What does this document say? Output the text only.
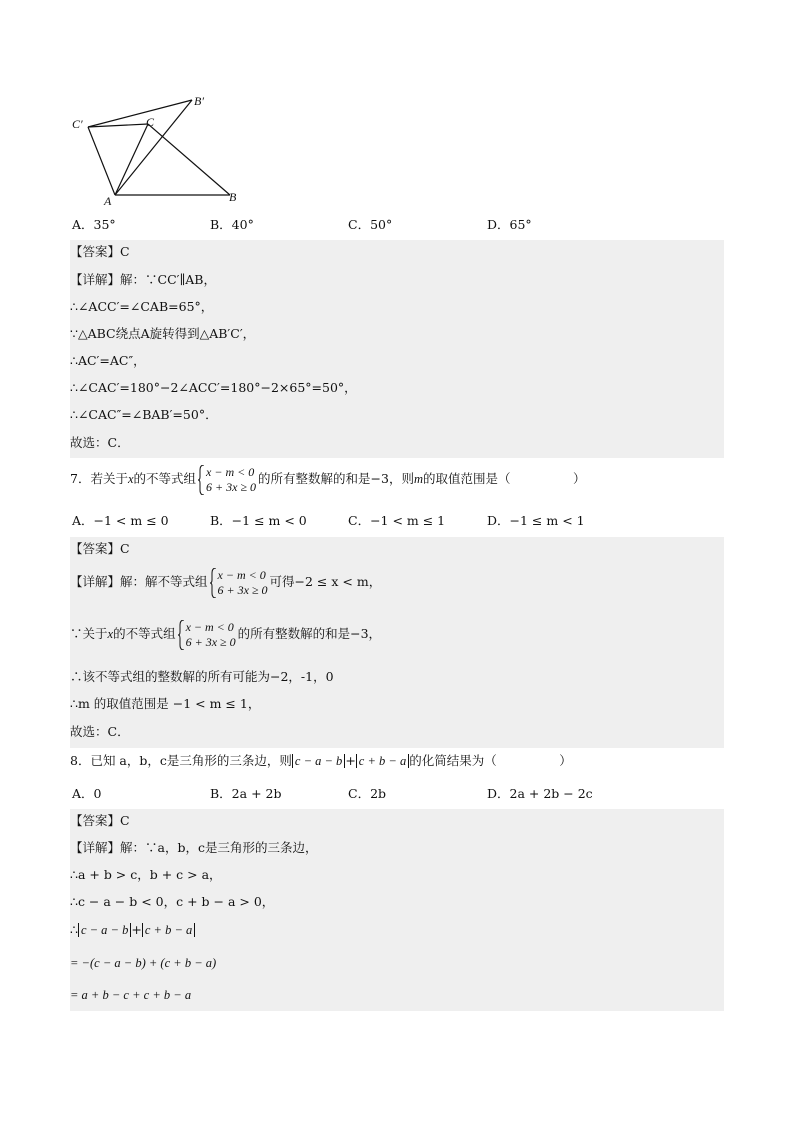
C′	C
B′
A	B
A．35°	B．40°	C．50°	D．65°
【答案】C
【详解】解：∵CC′∥AB，
∴∠ACC′=∠CAB=65°，
∵△ABC绕点A旋转得到△AB′C′，
∴AC′=AC″，
∴∠CAC′=180°−2∠ACC′=180°−2×65°=50°，
∴∠CAC″=∠BAB′=50°．
故选：C．
7．若关于x的不等式组 x − m < 0
6 + 3x ≥ 0
的所有整数解的和是−3，则m的取值范围是（　　　　　）
A．−1 < m ≤ 0	B．−1 ≤ m < 0	C．−1 < m ≤ 1	D．−1 ≤ m < 1
【答案】C
【详解】解：解不等式组 x − m < 0
6 + 3x ≥ 0
可得−2 ≤ x < m，
∵关于x的不等式组 x − m < 0
6 + 3x ≥ 0
的所有整数解的和是−3，
∴该不等式组的整数解的所有可能为−2，-1，0
∴m 的取值范围是 −1 < m ≤ 1，
故选：C．
8．已知 a，b，c是三角形的三条边，则 c − a − b + c + b − a 的化简结果为（　　　　　）
A．0	B．2a + 2b	C．2b	D．2a + 2b − 2c
【答案】C
【详解】解：∵a，b，c是三角形的三条边，
∴a + b > c，b + c > a，
∴c − a − b < 0，c + b − a > 0，
∴ c − a − b + c + b − a
= −(c − a − b) + (c + b − a)
= a + b − c + c + b − a
